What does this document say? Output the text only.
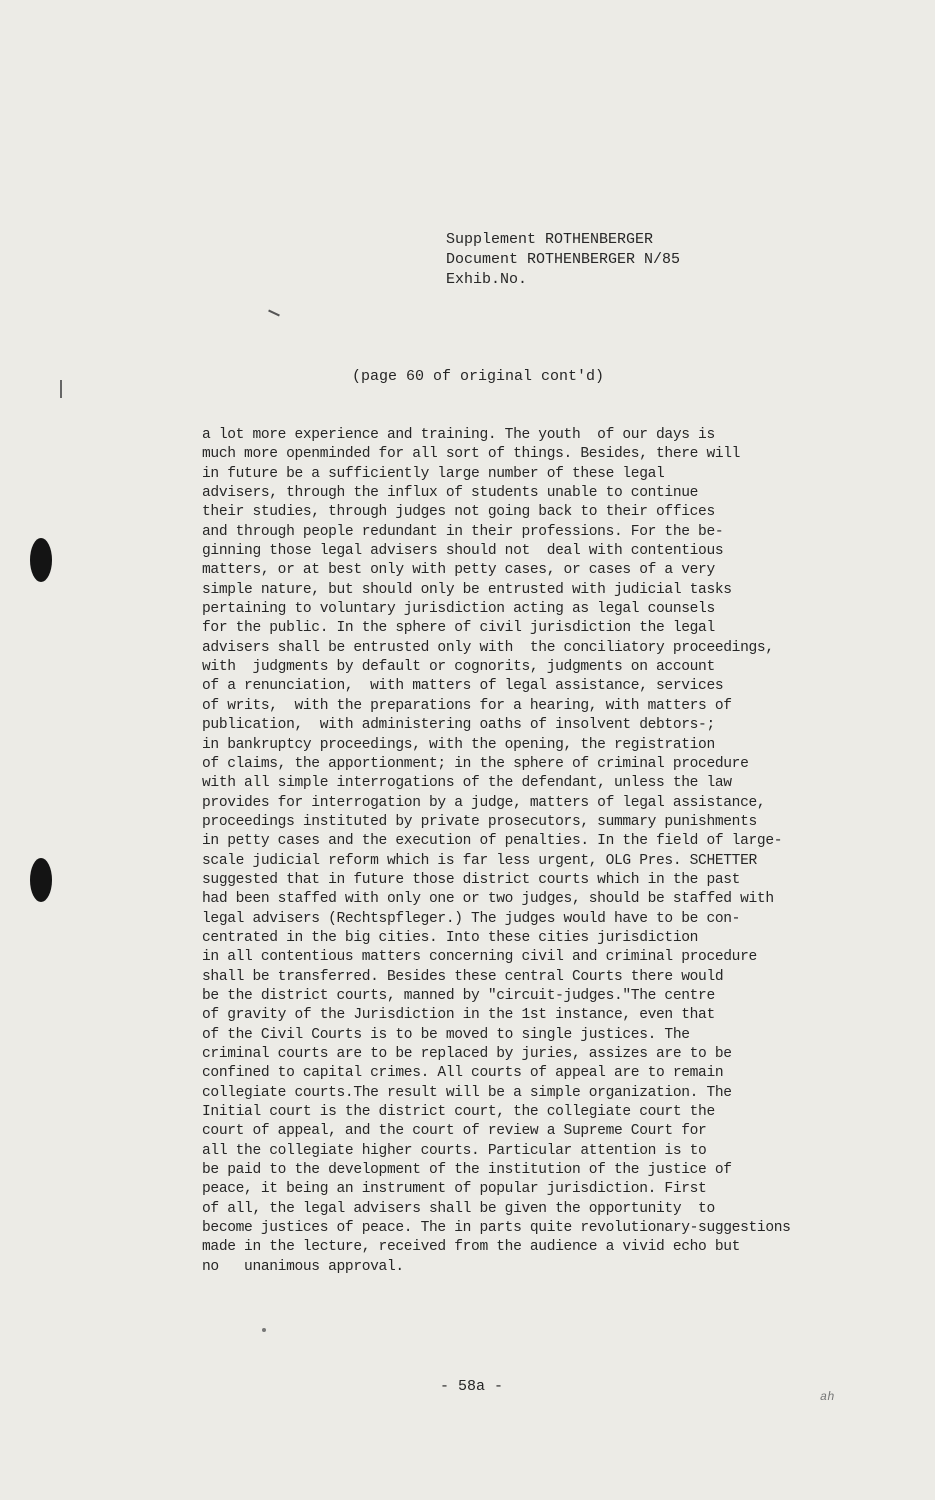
Supplement ROTHENBERGER
Document ROTHENBERGER N/85
Exhib.No.
(page 60 of original cont'd)
a lot more experience and training. The youth  of our days is
much more openminded for all sort of things. Besides, there will
in future be a sufficiently large number of these legal
advisers, through the influx of students unable to continue
their studies, through judges not going back to their offices
and through people redundant in their professions. For the be-
ginning those legal advisers should not  deal with contentious
matters, or at best only with petty cases, or cases of a very
simple nature, but should only be entrusted with judicial tasks
pertaining to voluntary jurisdiction acting as legal counsels
for the public. In the sphere of civil jurisdiction the legal
advisers shall be entrusted only with  the conciliatory proceedings,
with  judgments by default or cognorits, judgments on account
of a renunciation,  with matters of legal assistance, services
of writs,  with the preparations for a hearing, with matters of
publication,  with administering oaths of insolvent debtors-;
in bankruptcy proceedings, with the opening, the registration
of claims, the apportionment; in the sphere of criminal procedure
with all simple interrogations of the defendant, unless the law
provides for interrogation by a judge, matters of legal assistance,
proceedings instituted by private prosecutors, summary punishments
in petty cases and the execution of penalties. In the field of large-
scale judicial reform which is far less urgent, OLG Pres. SCHETTER
suggested that in future those district courts which in the past
had been staffed with only one or two judges, should be staffed with
legal advisers (Rechtspfleger.) The judges would have to be con-
centrated in the big cities. Into these cities jurisdiction
in all contentious matters concerning civil and criminal procedure
shall be transferred. Besides these central Courts there would
be the district courts, manned by "circuit-judges."The centre
of gravity of the Jurisdiction in the 1st instance, even that
of the Civil Courts is to be moved to single justices. The
criminal courts are to be replaced by juries, assizes are to be
confined to capital crimes. All courts of appeal are to remain
collegiate courts.The result will be a simple organization. The
Initial court is the district court, the collegiate court the
court of appeal, and the court of review a Supreme Court for
all the collegiate higher courts. Particular attention is to
be paid to the development of the institution of the justice of
peace, it being an instrument of popular jurisdiction. First
of all, the legal advisers shall be given the opportunity  to
become justices of peace. The in parts quite revolutionary-suggestions
made in the lecture, received from the audience a vivid echo but
no   unanimous approval.
- 58a -
ah
